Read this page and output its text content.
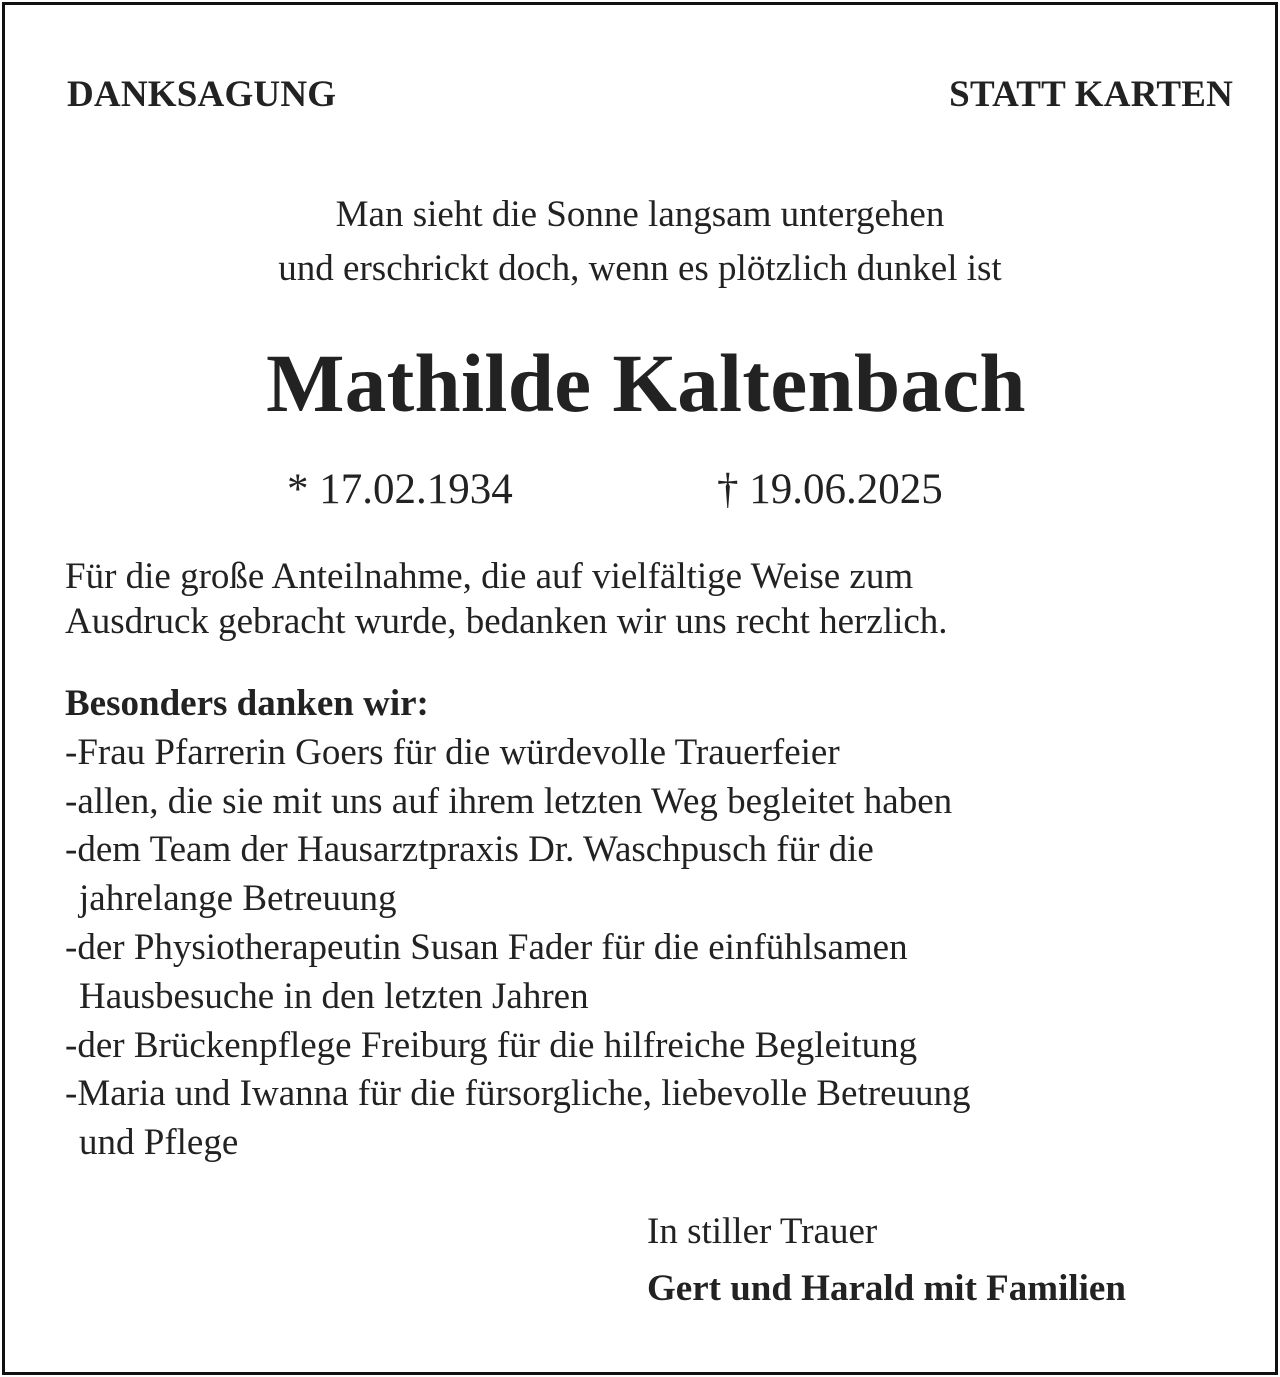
DANKSAGUNG	STATT KARTEN
Man sieht die Sonne langsam untergehen
und erschrickt doch, wenn es plötzlich dunkel ist
Mathilde Kaltenbach
* 17.02.1934	† 19.06.2025
Für die große Anteilnahme, die auf vielfältige Weise zum
Ausdruck gebracht wurde, bedanken wir uns recht herzlich.
Besonders danken wir:
-Frau Pfarrerin Goers für die würdevolle Trauerfeier
-allen, die sie mit uns auf ihrem letzten Weg begleitet haben
-dem Team der Hausarztpraxis Dr. Waschpusch für die
jahrelange Betreuung
-der Physiotherapeutin Susan Fader für die einfühlsamen
Hausbesuche in den letzten Jahren
-der Brückenpflege Freiburg für die hilfreiche Begleitung
-Maria und Iwanna für die fürsorgliche, liebevolle Betreuung
und Pflege
In stiller Trauer
Gert und Harald mit Familien
